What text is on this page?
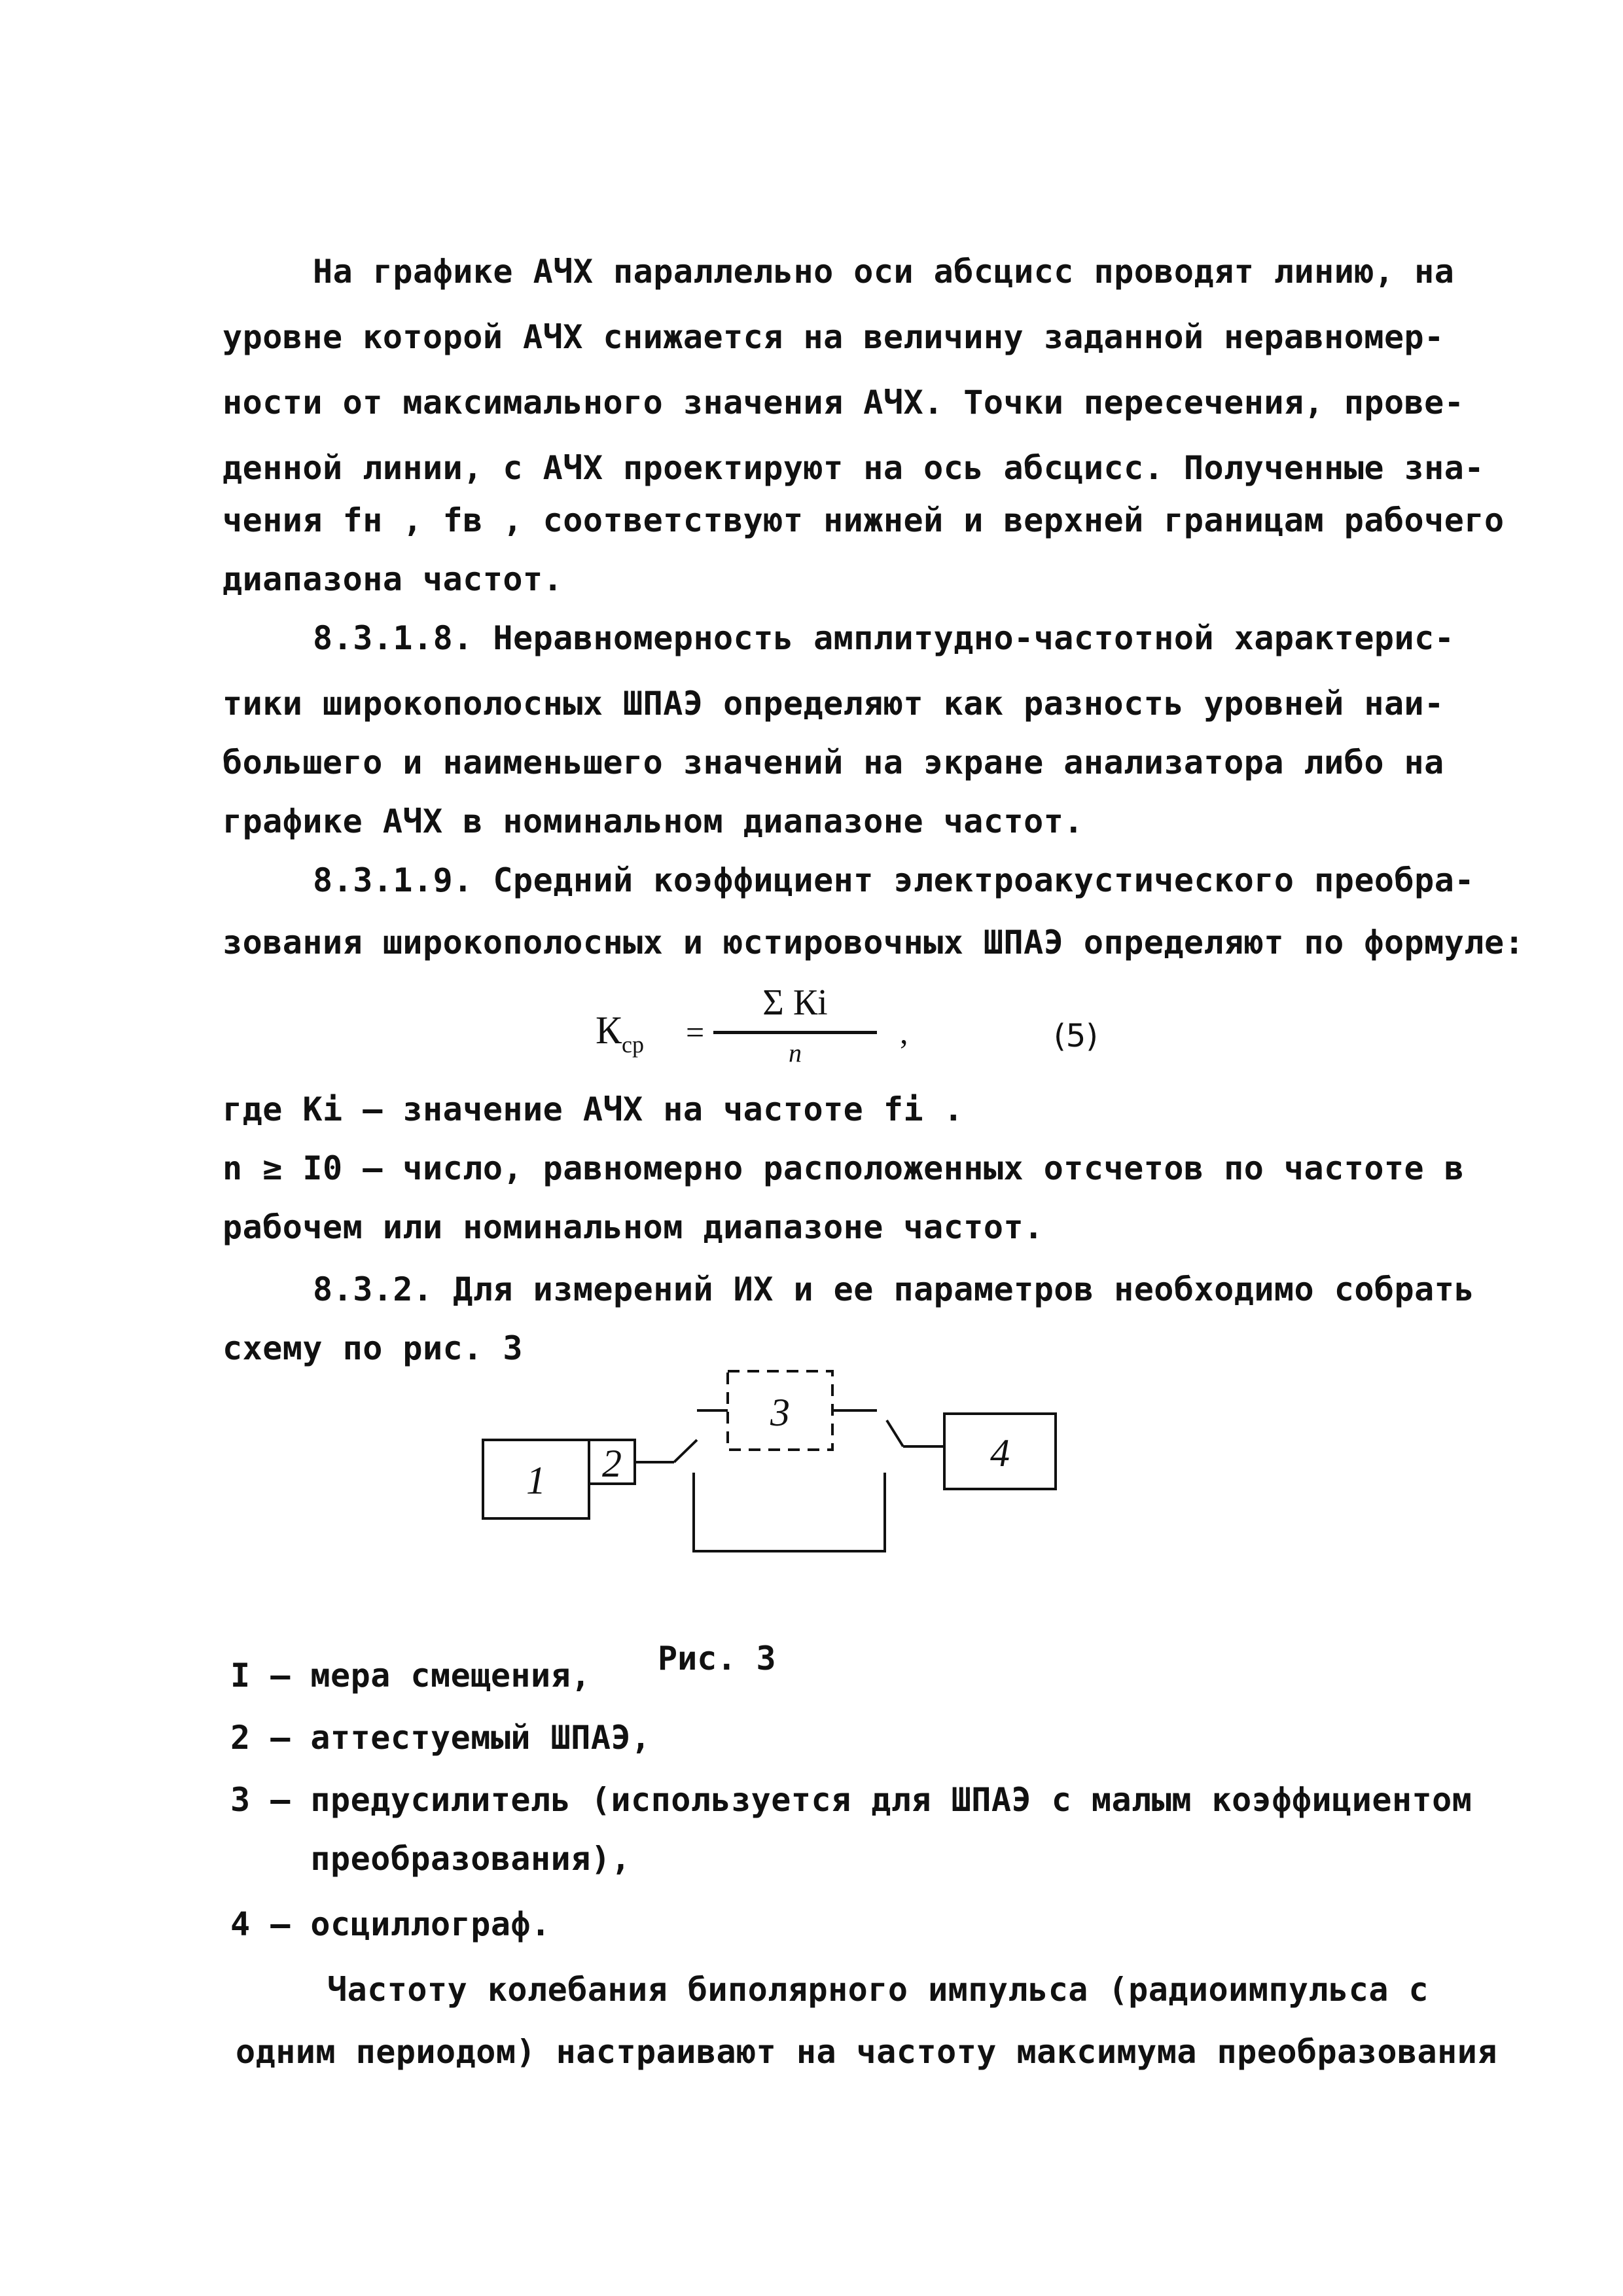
На графике АЧХ параллельно оси абсцисс проводят линию, на
уровне которой АЧХ снижается на величину заданной неравномер-
ности от максимального значения АЧХ. Точки пересечения, прове-
денной линии, с АЧХ проектируют на ось абсцисс. Полученные зна-
чения fн , fв , соответствуют нижней и верхней границам рабочего
диапазона частот.
8.3.1.8. Неравномерность амплитудно-частотной характерис-
тики широкополосных ШПАЭ определяют как разность уровней наи-
большего и наименьшего значений на экране анализатора либо на
графике АЧХ в номинальном диапазоне частот.
8.3.1.9. Средний коэффициент электроакустического преобра-
зования широкополосных и юстировочных ШПАЭ определяют по формуле:
$К_{ср}$ =
Σ Кi
n
,	(5)
где Кi – значение АЧХ на частоте fi .
n ≥ I0 – число, равномерно расположенных отсчетов по частоте в
рабочем или номинальном диапазоне частот.
8.3.2. Для измерений ИХ и ее параметров необходимо собрать
схему по рис. 3
1 2
3
4
Рис. 3
I – мера смещения,
2 – аттестуемый ШПАЭ,
3 – предусилитель (используется для ШПАЭ с малым коэффициентом
преобразования),
4 – осциллограф.
Частоту колебания биполярного импульса (радиоимпульса с
одним периодом) настраивают на частоту максимума преобразования
